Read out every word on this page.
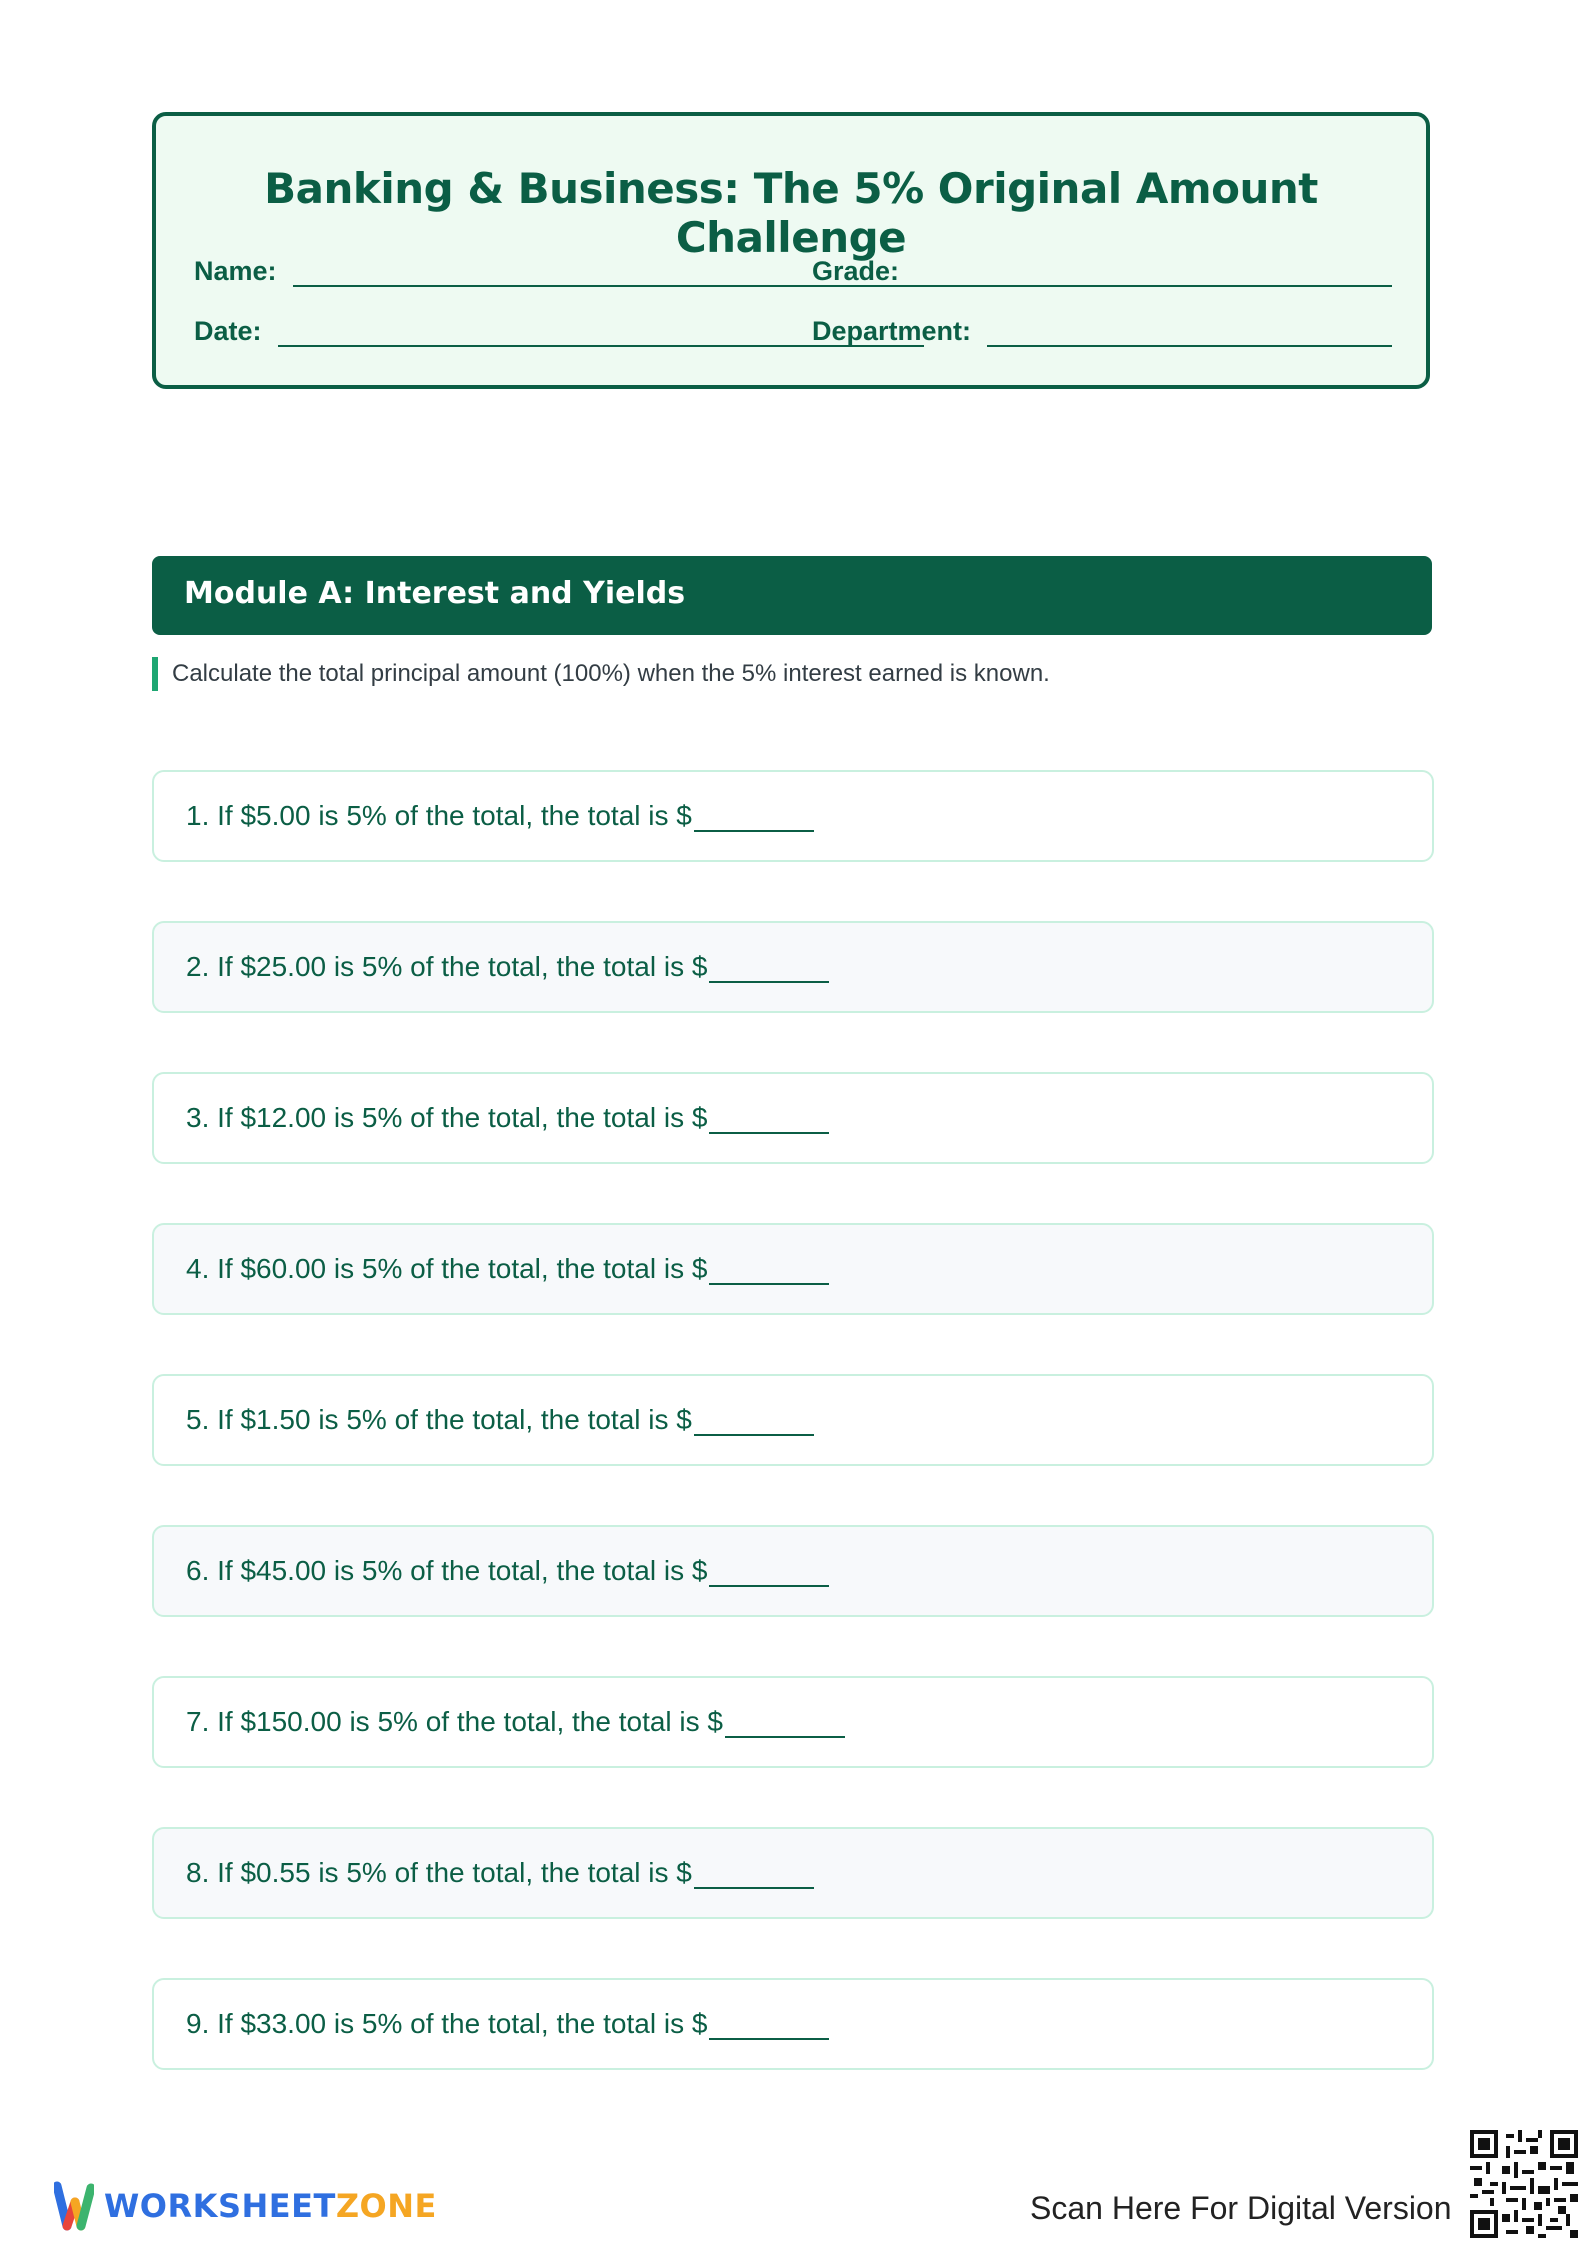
Banking & Business: The 5% Original Amount Challenge
Name:	Grade:
Date:	Department:
Module A: Interest and Yields
Calculate the total principal amount (100%) when the 5% interest earned is known.
1. If $5.00 is 5% of the total, the total is $
2. If $25.00 is 5% of the total, the total is $
3. If $12.00 is 5% of the total, the total is $
4. If $60.00 is 5% of the total, the total is $
5. If $1.50 is 5% of the total, the total is $
6. If $45.00 is 5% of the total, the total is $
7. If $150.00 is 5% of the total, the total is $
8. If $0.55 is 5% of the total, the total is $
9. If $33.00 is 5% of the total, the total is $
WORKSHEETZONE	Scan Here For Digital Version
